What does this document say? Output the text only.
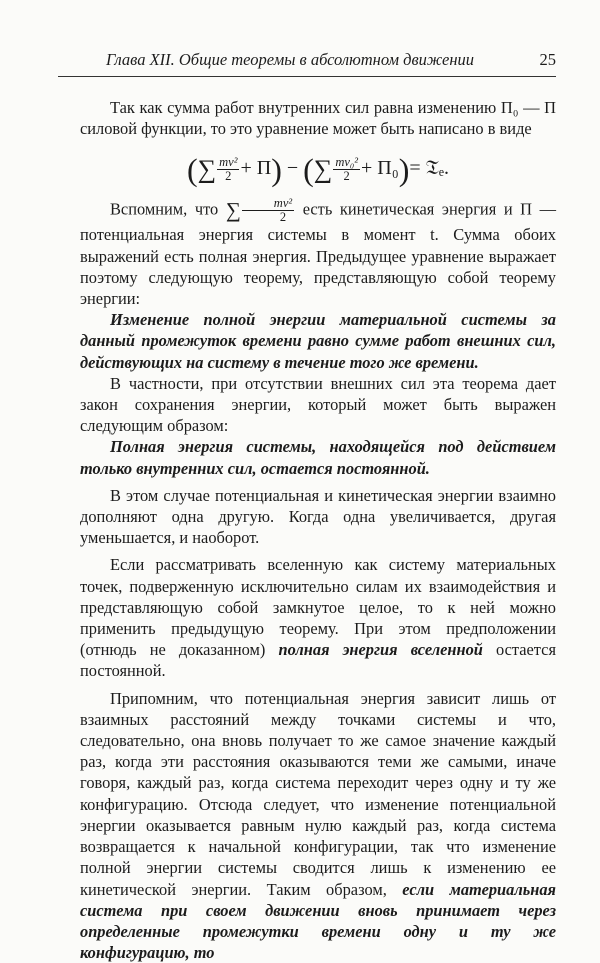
Глава XII. Общие теоремы в абсолютном движении	25

Так как сумма работ внутренних сил равна изменению П₀ — П силовой функции, то это уравнение может быть написано в виде

(∑ $\frac{\text{mv²}}{2} + П$) − (∑ $\frac{\text{mv₀²}}{2} + П_0)=$ 𝔗ₑ.

Вспомним, что ∑ $\frac{\text{mv²}}{2}$ есть кинетическая энергия и П — потенциальная энергия системы в момент t. Сумма обоих выражений есть полная энергия. Предыдущее уравнение выражает поэтому следующую теорему, представляющую собой теорему энергии:

Изменение полной энергии материальной системы за данный промежуток времени равно сумме работ внешних сил, действующих на систему в течение того же времени.

В частности, при отсутствии внешних сил эта теорема дает закон сохранения энергии, который может быть выражен следующим образом:

Полная энергия системы, находящейся под действием только внутренних сил, остается постоянной.

В этом случае потенциальная и кинетическая энергии взаимно дополняют одна другую. Когда одна увеличивается, другая уменьшается, и наоборот.

Если рассматривать вселенную как систему материальных точек, подверженную исключительно силам их взаимодействия и представляющую собой замкнутое целое, то к ней можно применить предыдущую теорему. При этом предположении (отнюдь не доказанном) полная энергия вселенной остается постоянной.

Припомним, что потенциальная энергия зависит лишь от взаимных расстояний между точками системы и что, следовательно, она вновь получает то же самое значение каждый раз, когда эти расстояния оказываются теми же самыми, иначе говоря, каждый раз, когда система переходит через одну и ту же конфигурацию. Отсюда следует, что изменение потенциальной энергии оказывается равным нулю каждый раз, когда система возвращается к начальной конфигурации, так что изменение полной энергии системы сводится лишь к изменению ее кинетической энергии. Таким образом, если материальная система при своем движении вновь принимает через определенные промежутки времени одну и ту же конфигурацию, то
